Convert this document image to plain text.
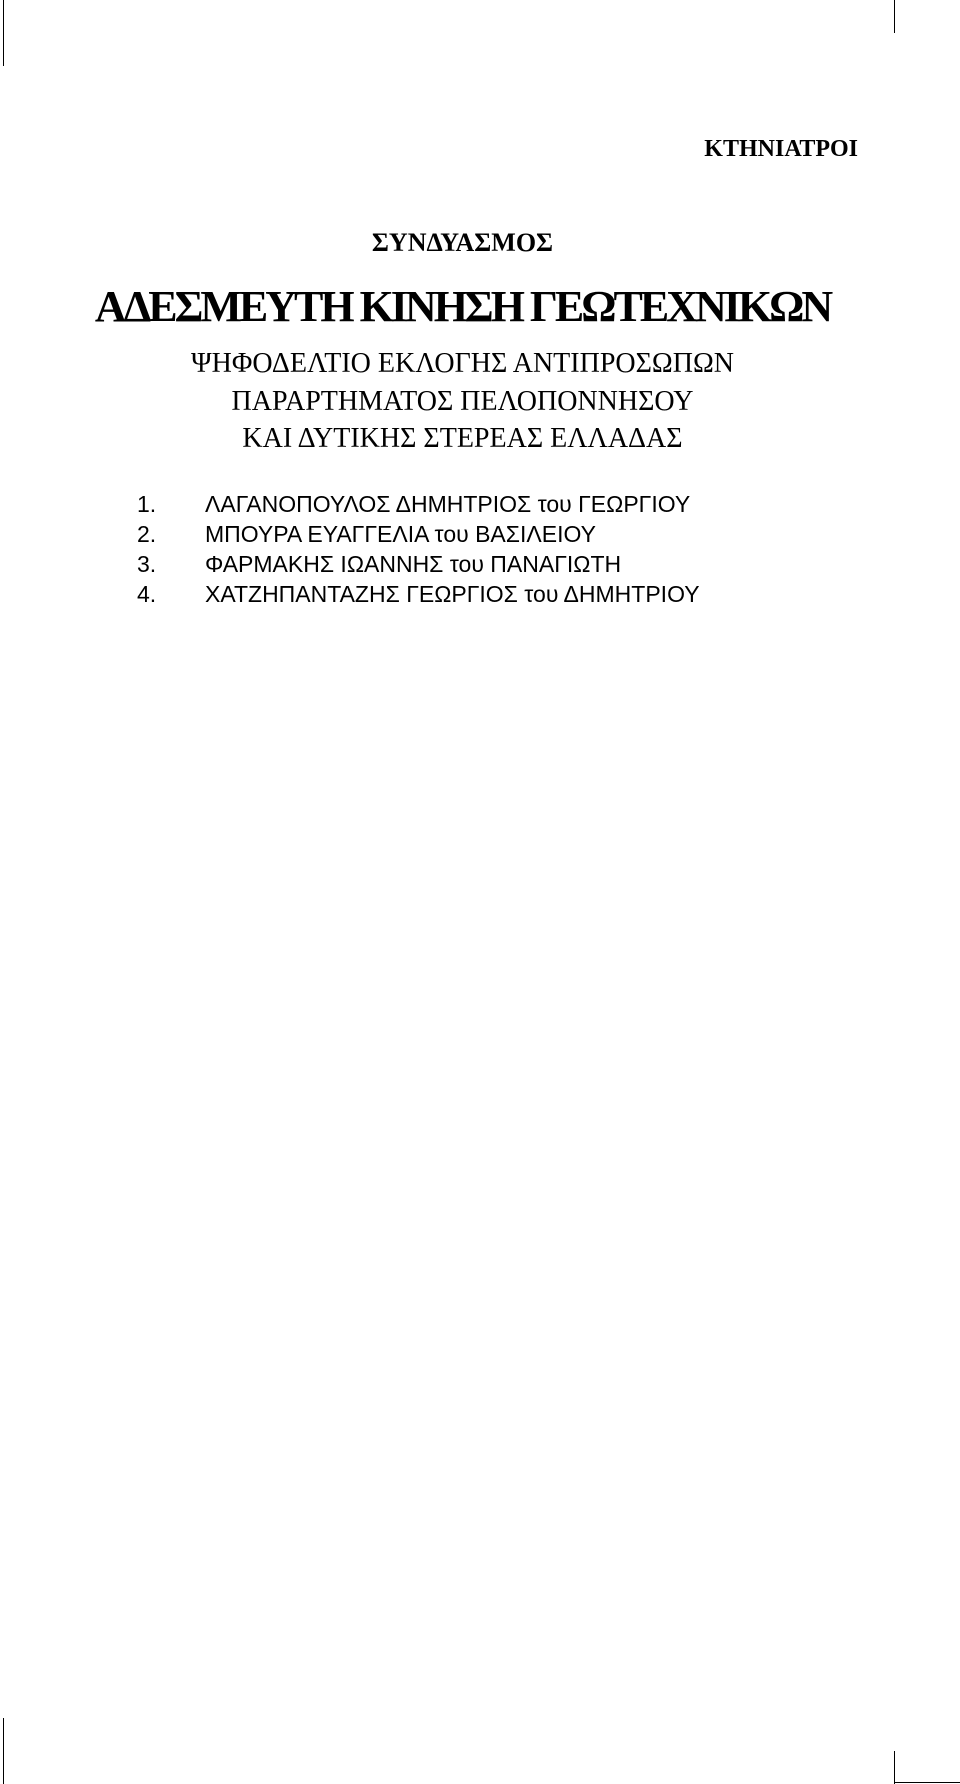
ΚΤΗΝΙΑΤΡΟΙ
ΣΥΝΔΥΑΣΜΟΣ
ΑΔΕΣΜΕΥΤΗ ΚΙΝΗΣΗ ΓΕΩΤΕΧΝΙΚΩΝ
ΨΗΦΟΔΕΛΤΙΟ ΕΚΛΟΓΗΣ ΑΝΤΙΠΡΟΣΩΠΩΝ
ΠΑΡΑΡΤΗΜΑΤΟΣ ΠΕΛΟΠΟΝΝΗΣΟΥ
ΚΑΙ ΔΥΤΙΚΗΣ ΣΤΕΡΕΑΣ ΕΛΛΑΔΑΣ
1. ΛΑΓΑΝΟΠΟΥΛΟΣ ΔΗΜΗΤΡΙΟΣ του ΓΕΩΡΓΙΟΥ
2. ΜΠΟΥΡΑ ΕΥΑΓΓΕΛΙΑ του ΒΑΣΙΛΕΙΟΥ
3. ΦΑΡΜΑΚΗΣ ΙΩΑΝΝΗΣ του ΠΑΝΑΓΙΩΤΗ
4. ΧΑΤΖΗΠΑΝΤΑΖΗΣ ΓΕΩΡΓΙΟΣ του ΔΗΜΗΤΡΙΟΥ
